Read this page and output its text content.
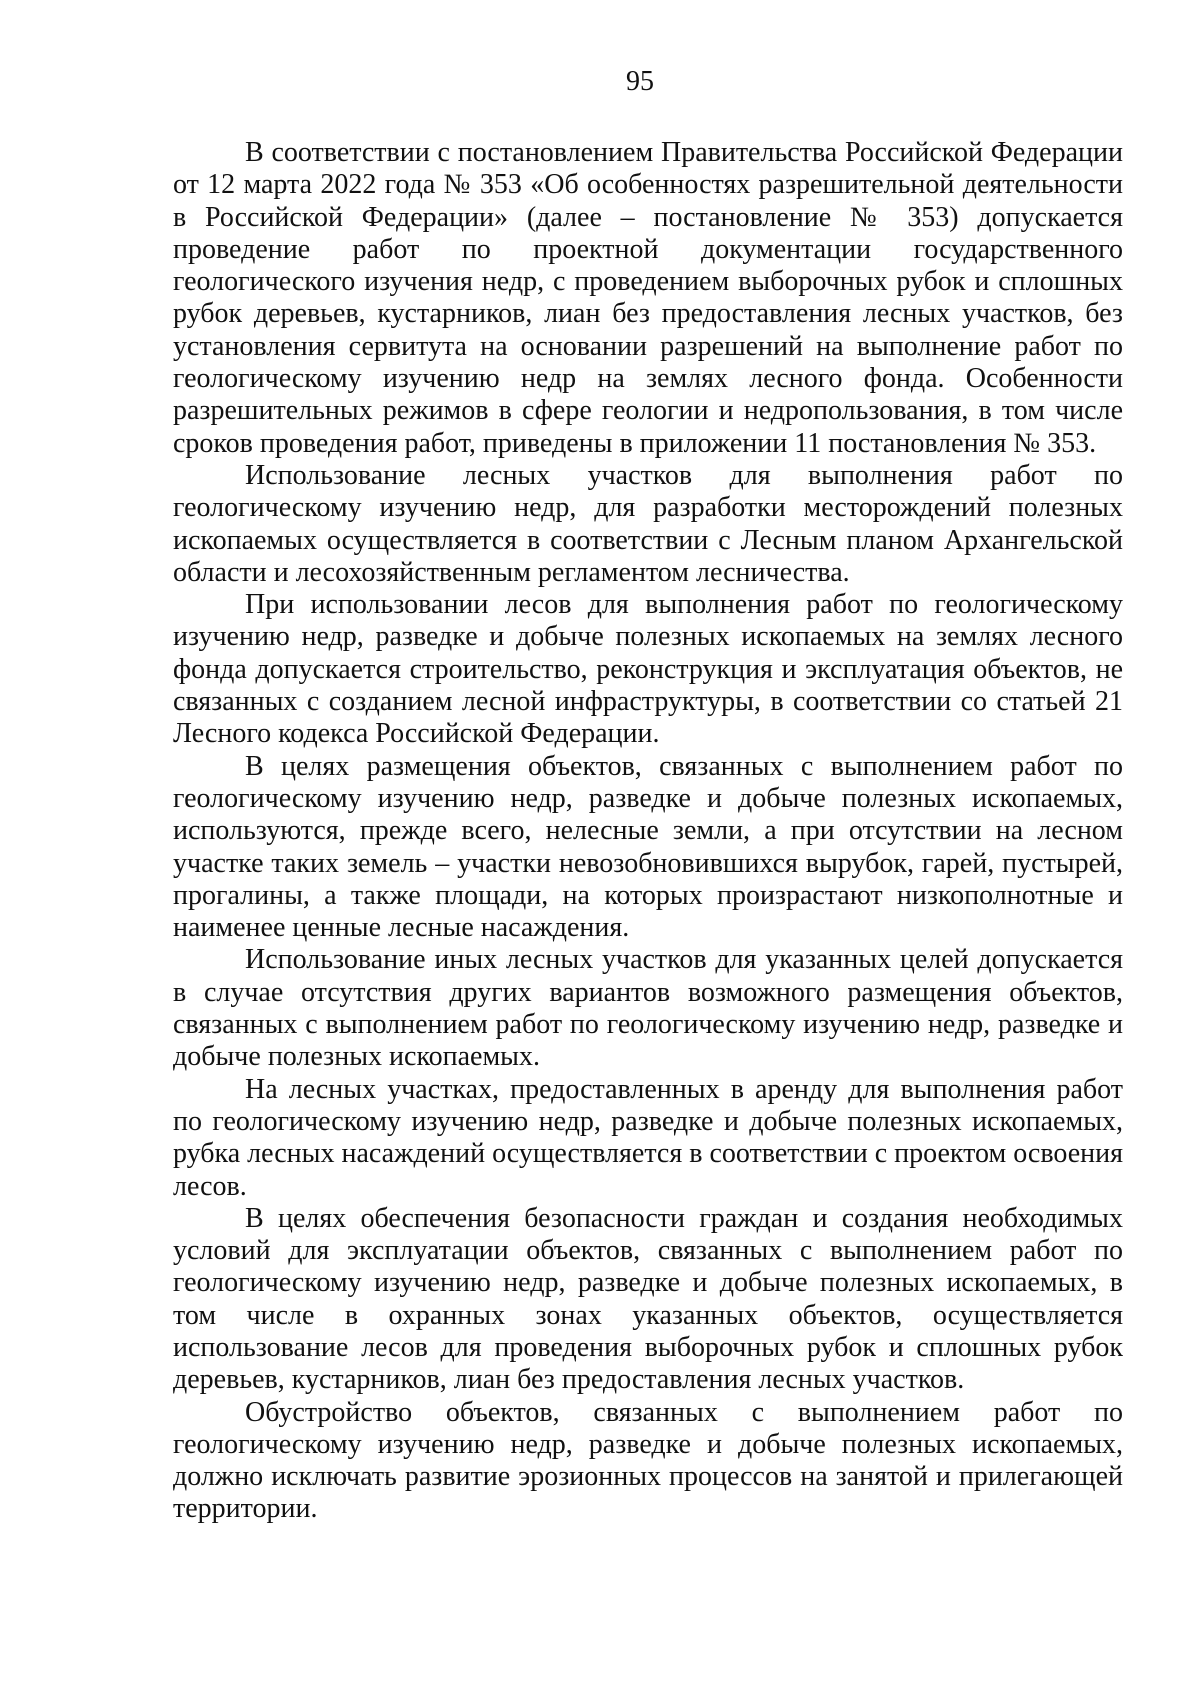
95

В соответствии с постановлением Правительства Российской Федерации от 12 марта 2022 года № 353 «Об особенностях разрешительной деятельности в Российской Федерации» (далее – постановление № 353) допускается проведение работ по проектной документации государственного геологического изучения недр, с проведением выборочных рубок и сплошных рубок деревьев, кустарников, лиан без предоставления лесных участков, без установления сервитута на основании разрешений на выполнение работ по геологическому изучению недр на землях лесного фонда. Особенности разрешительных режимов в сфере геологии и недропользования, в том числе сроков проведения работ, приведены в приложении 11 постановления № 353.

Использование лесных участков для выполнения работ по геологическому изучению недр, для разработки месторождений полезных ископаемых осуществляется в соответствии с Лесным планом Архангельской области и лесохозяйственным регламентом лесничества.

При использовании лесов для выполнения работ по геологическому изучению недр, разведке и добыче полезных ископаемых на землях лесного фонда допускается строительство, реконструкция и эксплуатация объектов, не связанных с созданием лесной инфраструктуры, в соответствии со статьей 21 Лесного кодекса Российской Федерации.

В целях размещения объектов, связанных с выполнением работ по геологическому изучению недр, разведке и добыче полезных ископаемых, используются, прежде всего, нелесные земли, а при отсутствии на лесном участке таких земель – участки невозобновившихся вырубок, гарей, пустырей, прогалины, а также площади, на которых произрастают низкополнотные и наименее ценные лесные насаждения.

Использование иных лесных участков для указанных целей допускается в случае отсутствия других вариантов возможного размещения объектов, связанных с выполнением работ по геологическому изучению недр, разведке и добыче полезных ископаемых.

На лесных участках, предоставленных в аренду для выполнения работ по геологическому изучению недр, разведке и добыче полезных ископаемых, рубка лесных насаждений осуществляется в соответствии с проектом освоения лесов.

В целях обеспечения безопасности граждан и создания необходимых условий для эксплуатации объектов, связанных с выполнением работ по геологическому изучению недр, разведке и добыче полезных ископаемых, в том числе в охранных зонах указанных объектов, осуществляется использование лесов для проведения выборочных рубок и сплошных рубок деревьев, кустарников, лиан без предоставления лесных участков.

Обустройство объектов, связанных с выполнением работ по геологическому изучению недр, разведке и добыче полезных ископаемых, должно исключать развитие эрозионных процессов на занятой и прилегающей территории.
